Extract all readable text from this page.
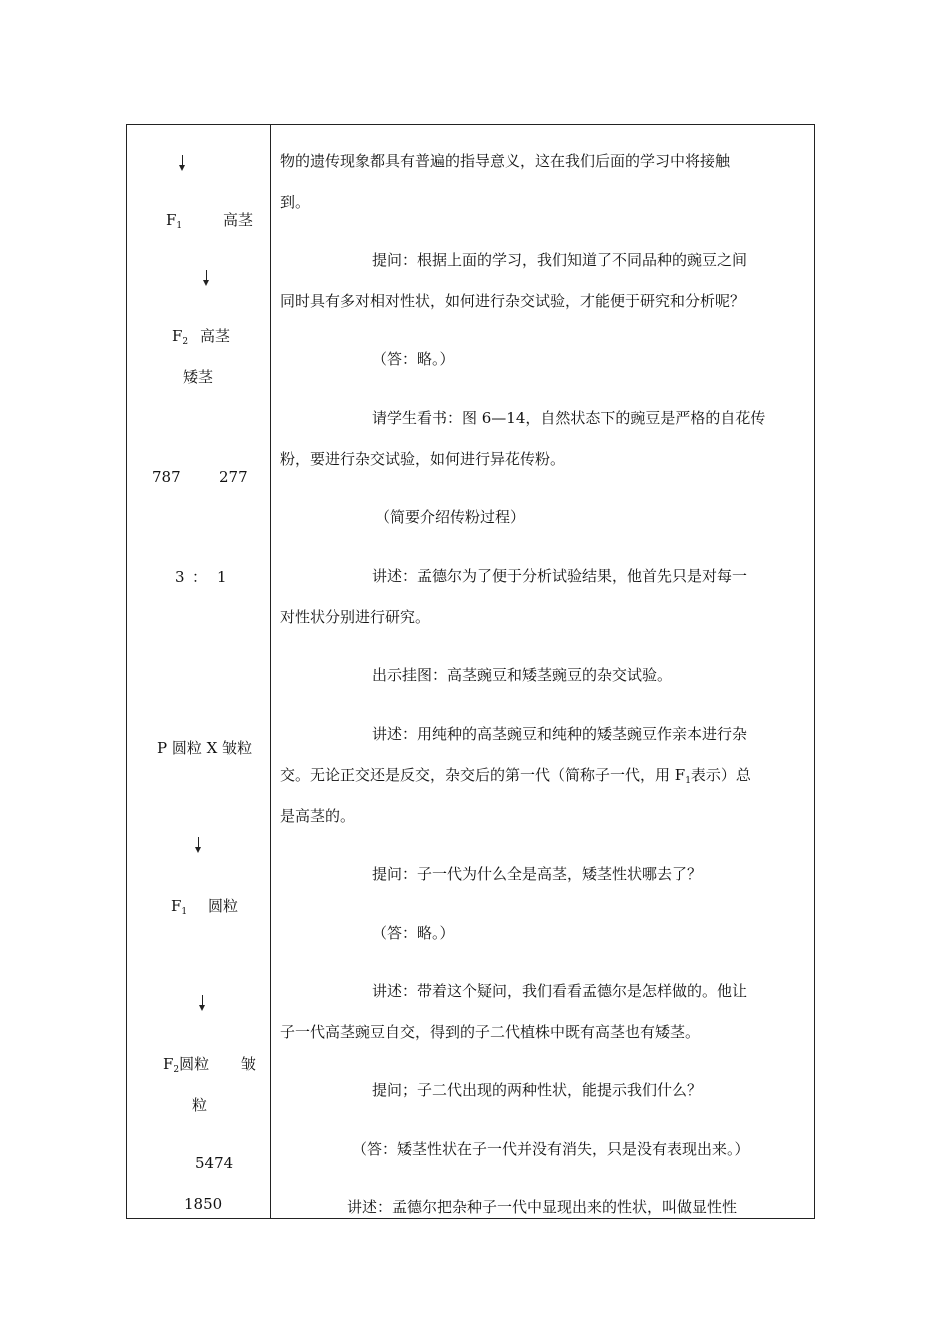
$F_1$	高茎
$F_2$ 高茎
矮茎
787	277
3 ： 1
P 圆粒 X 皱粒
$F_1$ 圆粒
$F_2$圆粒 皱
粒
5474
1850
物的遗传现象都具有普遍的指导意义，这在我们后面的学习中将接触
到。
提问：根据上面的学习，我们知道了不同品种的豌豆之间
同时具有多对相对性状，如何进行杂交试验，才能便于研究和分析呢？
（答：略。）
请学生看书：图 6—14，自然状态下的豌豆是严格的自花传
粉，要进行杂交试验，如何进行异花传粉。
（简要介绍传粉过程）
讲述：孟德尔为了便于分析试验结果，他首先只是对每一
对性状分别进行研究。
出示挂图：高茎豌豆和矮茎豌豆的杂交试验。
讲述：用纯种的高茎豌豆和纯种的矮茎豌豆作亲本进行杂
交。无论正交还是反交，杂交后的第一代（简称子一代，用 $F_1$表示）总
是高茎的。
提问：子一代为什么全是高茎，矮茎性状哪去了？
（答：略。）
讲述：带着这个疑问，我们看看孟德尔是怎样做的。他让
子一代高茎豌豆自交，得到的子二代植株中既有高茎也有矮茎。
提问；子二代出现的两种性状，能提示我们什么？
（答：矮茎性状在子一代并没有消失，只是没有表现出来。）
讲述：孟德尔把杂种子一代中显现出来的性状，叫做显性性
